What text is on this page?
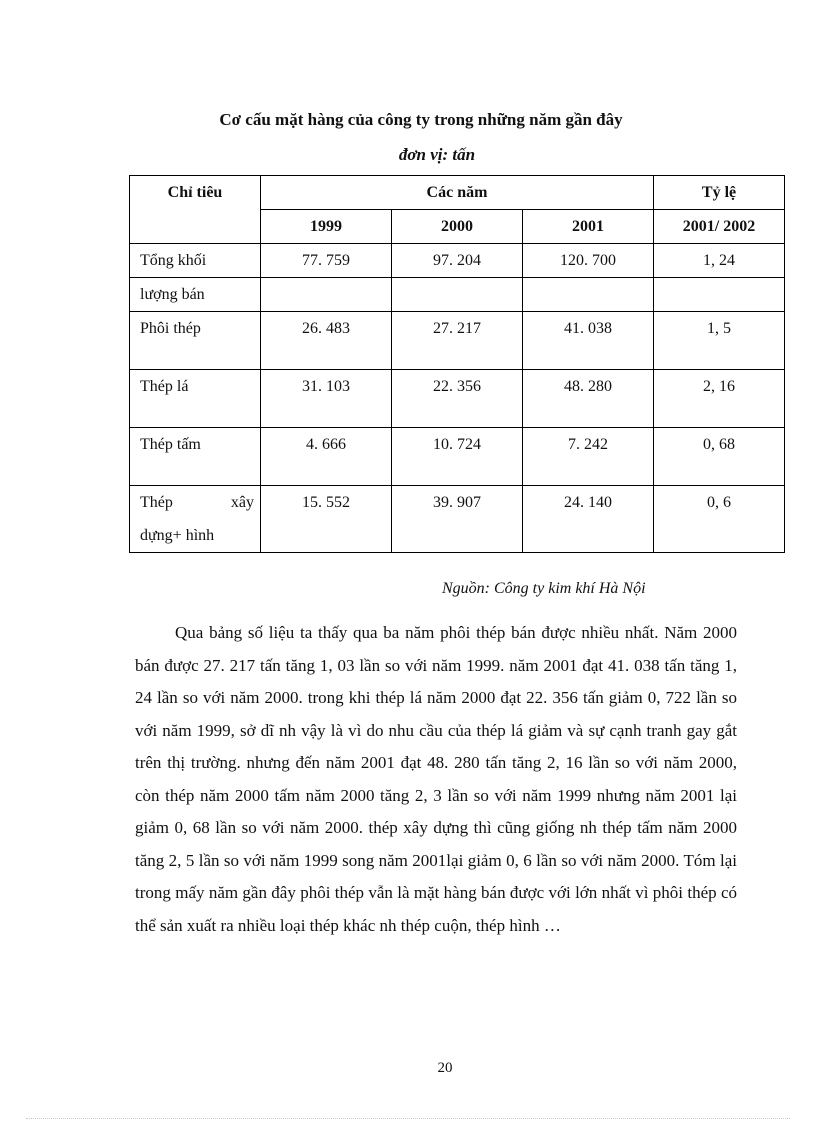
Cơ cấu mặt hàng của công ty trong những năm gần đây
đơn vị: tấn
Chỉ tiêu	Các năm			Tỷ lệ
	1999	2000	2001	2001/ 2002
Tổng khối	77. 759	97. 204	120. 700	1, 24
lượng bán				
Phôi thép	26. 483	27. 217	41. 038	1, 5
Thép lá	31. 103	22. 356	48. 280	2, 16
Thép tấm	4. 666	10. 724	7. 242	0, 68

Thép xây
dựng+ hình	15. 552	39. 907	24. 140	0, 6
Nguồn: Công ty kim khí Hà Nội

Qua bảng số liệu ta thấy qua ba năm phôi thép bán được nhiều nhất. Năm 2000 bán được 27. 217 tấn tăng 1, 03 lần so với năm 1999. năm 2001 đạt 41. 038 tấn tăng 1, 24 lần so với năm 2000. trong khi thép lá năm 2000 đạt 22. 356 tấn giảm 0, 722 lần so với năm 1999, sở dĩ nh vậy là vì do nhu cầu của thép lá giảm và sự cạnh tranh gay gắt trên thị trường. nhưng đến năm 2001 đạt 48. 280 tấn tăng 2, 16 lần so với năm 2000, còn thép năm 2000 tấm năm 2000 tăng 2, 3 lần so với năm 1999 nhưng năm 2001 lại giảm 0, 68 lần so với năm 2000. thép xây dựng thì cũng giống nh thép tấm năm 2000 tăng 2, 5 lần so với năm 1999 song năm 2001lại giảm 0, 6 lần so với năm 2000. Tóm lại trong mấy năm gần đây phôi thép vẫn là mặt hàng bán được với lớn nhất vì phôi thép có thể sản xuất ra nhiều loại thép khác nh thép cuộn, thép hình …

20
